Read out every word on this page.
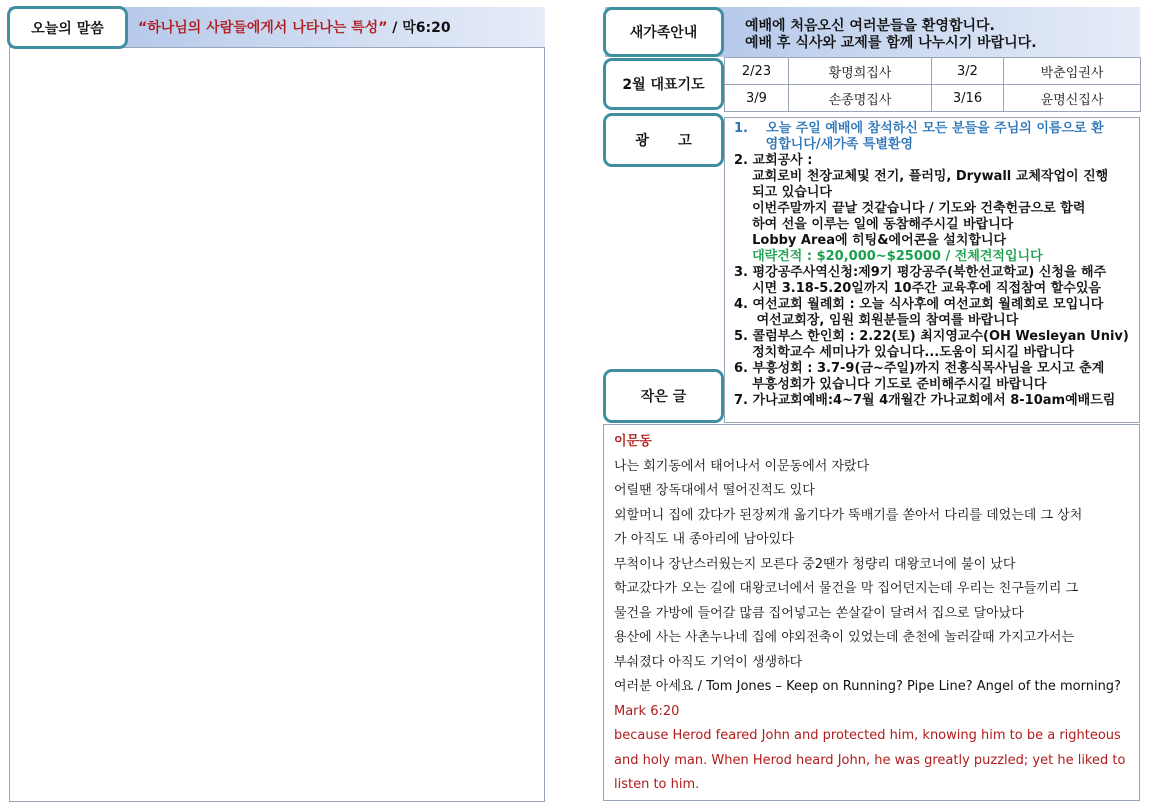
오늘의 말씀 “하나님의 사람들에게서 나타나는 특성” / 막6:20	새가족안내	예배에 처음오신 여러분들을 환영합니다.
예배 후 식사와 교제를 함께 나누시기 바랍니다.
2월 대표기도
2/23	황명희집사	3/2	박춘임권사
3/9	손종명집사	3/16	윤명신집사
광      고
1.    오늘 주일 예배에 참석하신 모든 분들을 주님의 이름으로 환
영합니다/새가족 특별환영
2. 교회공사 :
교회로비 천장교체및 전기, 플러밍, Drywall 교체작업이 진행
되고 있습니다
이번주말까지 끝날 것같습니다 / 기도와 건축헌금으로 합력
하여 선을 이루는 일에 동참해주시길 바랍니다
Lobby Area에 히팅&에어콘을 설치합니다
대략견적 : $20,000~$25000 / 전체견적입니다
3. 평강공주사역신청:제9기 평강공주(북한선교학교) 신청을 해주
시면 3.18-5.20일까지 10주간 교육후에 직접참여 할수있음
4. 여선교회 월례회 : 오늘 식사후에 여선교회 월례회로 모입니다
여선교회장, 임원 회원분들의 참여를 바랍니다
5. 콜럼부스 한인회 : 2.22(토) 최지영교수(OH Wesleyan Univ)
정치학교수 세미나가 있습니다...도움이 되시길 바랍니다
6. 부흥성회 : 3.7-9(금~주일)까지 전홍식목사님을 모시고 춘계
부흥성회가 있습니다 기도로 준비해주시길 바랍니다
7. 가나교회예배:4~7월 4개월간 가나교회에서 8-10am예배드림
작은 글
이문동
나는 회기동에서 태어나서 이문동에서 자랐다
어릴땐 장독대에서 떨어진적도 있다
외할머니 집에 갔다가 된장찌개 옮기다가 뚝배기를 쏟아서 다리를 데었는데 그 상처
가 아직도 내 종아리에 남아있다
무척이나 장난스러웠는지 모른다 중2땐가 청량리 대왕코너에 불이 났다
학교갔다가 오는 길에 대왕코너에서 물건을 막 집어던지는데 우리는 친구들끼리 그
물건을 가방에 들어갈 많큼 집어넣고는 쏜살같이 달려서 집으로 달아났다
용산에 사는 사촌누나네 집에 야외전축이 있었는데 춘천에 놀러갈때 가지고가서는
부숴졌다 아직도 기억이 생생하다
여러분 아세요 / Tom Jones – Keep on Running? Pipe Line? Angel of the morning?
Mark 6:20
because Herod feared John and protected him, knowing him to be a righteous
and holy man. When Herod heard John, he was greatly puzzled; yet he liked to
listen to him.
